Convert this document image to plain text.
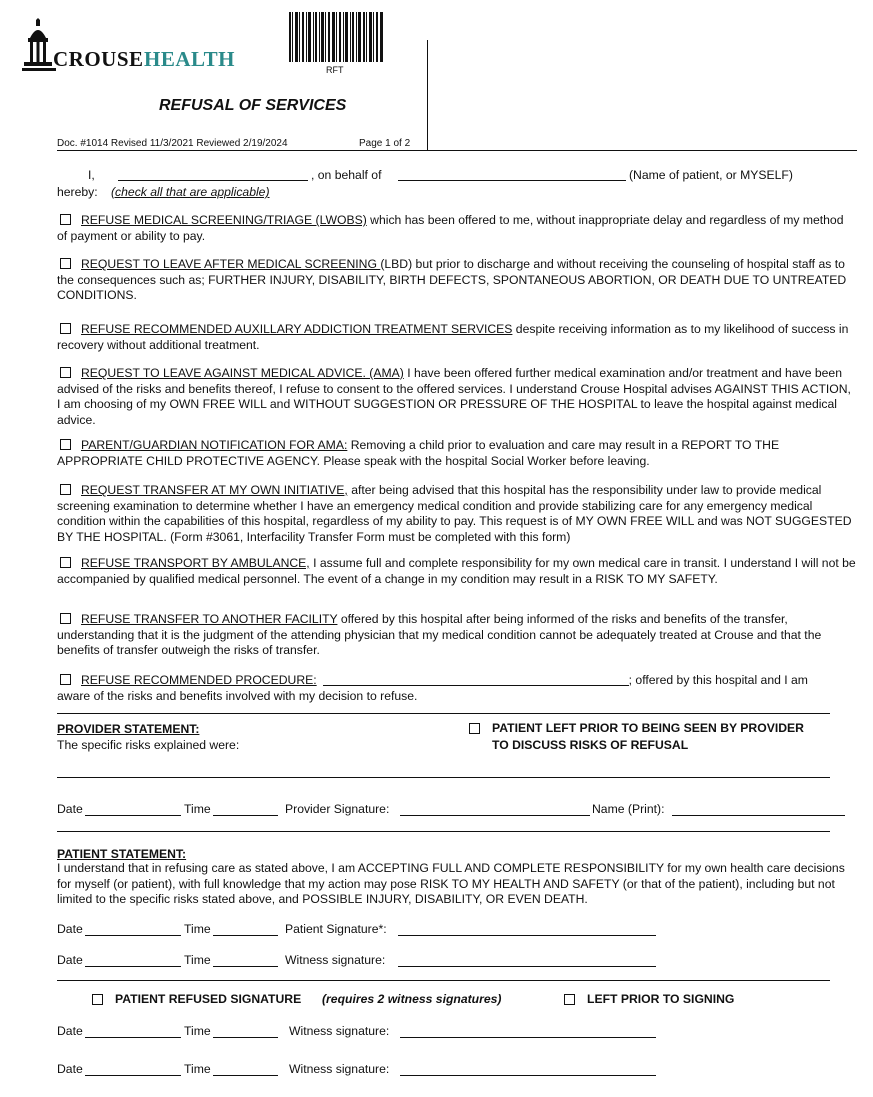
CROUSE HEALTH	RFT
REFUSAL OF SERVICES
Doc. #1014 Revised 11/3/2021 Reviewed 2/19/2024	Page 1 of 2
I,	, on behalf of	(Name of patient, or MYSELF)
hereby: (check all that are applicable)
REFUSE MEDICAL SCREENING/TRIAGE (LWOBS) which has been offered to me, without inappropriate delay and regardless of my method of payment or ability to pay.
REQUEST TO LEAVE AFTER MEDICAL SCREENING (LBD) but prior to discharge and without receiving the counseling of hospital staff as to the consequences such as; FURTHER INJURY, DISABILITY, BIRTH DEFECTS, SPONTANEOUS ABORTION, OR DEATH DUE TO UNTREATED CONDITIONS.
REFUSE RECOMMENDED AUXILLARY ADDICTION TREATMENT SERVICES despite receiving information as to my likelihood of success in recovery without additional treatment.
REQUEST TO LEAVE AGAINST MEDICAL ADVICE. (AMA) I have been offered further medical examination and/or treatment and have been advised of the risks and benefits thereof, I refuse to consent to the offered services. I understand Crouse Hospital advises AGAINST THIS ACTION, I am choosing of my OWN FREE WILL and WITHOUT SUGGESTION OR PRESSURE OF THE HOSPITAL to leave the hospital against medical advice.
PARENT/GUARDIAN NOTIFICATION FOR AMA: Removing a child prior to evaluation and care may result in a REPORT TO THE APPROPRIATE CHILD PROTECTIVE AGENCY. Please speak with the hospital Social Worker before leaving.
REQUEST TRANSFER AT MY OWN INITIATIVE, after being advised that this hospital has the responsibility under law to provide medical screening examination to determine whether I have an emergency medical condition and provide stabilizing care for any emergency medical condition within the capabilities of this hospital, regardless of my ability to pay. This request is of MY OWN FREE WILL and was NOT SUGGESTED BY THE HOSPITAL. (Form #3061, Interfacility Transfer Form must be completed with this form)
REFUSE TRANSPORT BY AMBULANCE, I assume full and complete responsibility for my own medical care in transit. I understand I will not be accompanied by qualified medical personnel. The event of a change in my condition may result in a RISK TO MY SAFETY.
REFUSE TRANSFER TO ANOTHER FACILITY offered by this hospital after being informed of the risks and benefits of the transfer, understanding that it is the judgment of the attending physician that my medical condition cannot be adequately treated at Crouse and that the benefits of transfer outweigh the risks of transfer.
REFUSE RECOMMENDED PROCEDURE:	; offered by this hospital and I am
aware of the risks and benefits involved with my decision to refuse.
PROVIDER STATEMENT:
The specific risks explained were:
PATIENT LEFT PRIOR TO BEING SEEN BY PROVIDER
TO DISCUSS RISKS OF REFUSAL
Date	Time	Provider Signature:	Name (Print):
PATIENT STATEMENT:
I understand that in refusing care as stated above, I am ACCEPTING FULL AND COMPLETE RESPONSIBILITY for my own health care decisions for myself (or patient), with full knowledge that my action may pose RISK TO MY HEALTH AND SAFETY (or that of the patient), including but not limited to the specific risks stated above, and POSSIBLE INJURY, DISABILITY, OR EVEN DEATH.
Date	Time	Patient Signature*:
Date	Time	Witness signature:
PATIENT REFUSED SIGNATURE (requires 2 witness signatures)	LEFT PRIOR TO SIGNING
Date	Time	Witness signature:
Date	Time	Witness signature:
